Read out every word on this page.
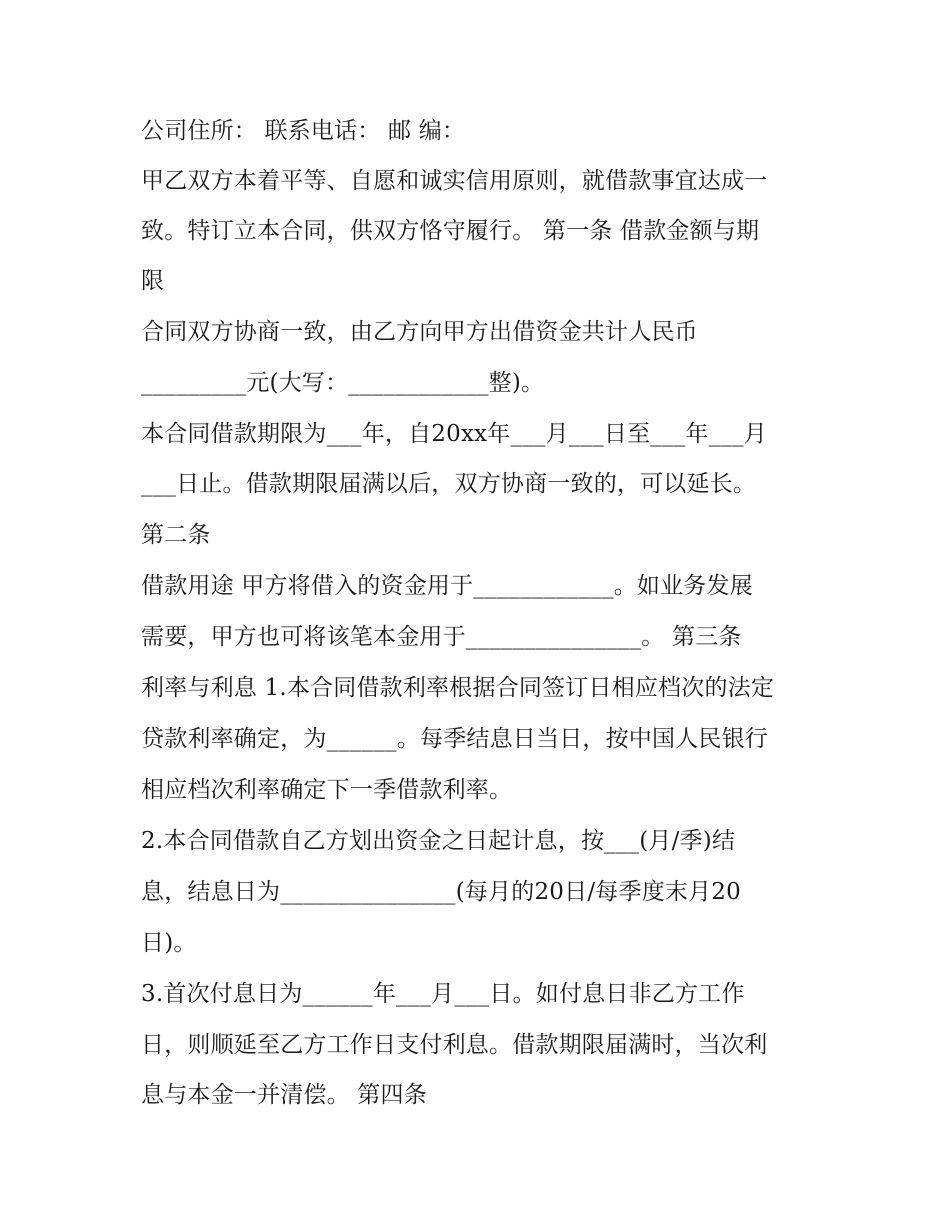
公司住所： 联系电话： 邮 编：
甲乙双方本着平等、自愿和诚实信用原则，就借款事宜达成一
致。特订立本合同，供双方恪守履行。 第一条 借款金额与期
限
合同双方协商一致，由乙方向甲方出借资金共计人民币
_________元(大写：____________整)。
本合同借款期限为___年，自20xx年___月___日至___年___月
___日止。借款期限届满以后，双方协商一致的，可以延长。
第二条
借款用途 甲方将借入的资金用于____________。如业务发展
需要，甲方也可将该笔本金用于_______________。 第三条
利率与利息 1.本合同借款利率根据合同签订日相应档次的法定
贷款利率确定，为______。每季结息日当日，按中国人民银行
相应档次利率确定下一季借款利率。
2.本合同借款自乙方划出资金之日起计息，按___(月/季)结
息，结息日为_______________(每月的20日/每季度末月20
日)。
3.首次付息日为______年___月___日。如付息日非乙方工作
日，则顺延至乙方工作日支付利息。借款期限届满时，当次利
息与本金一并清偿。 第四条
